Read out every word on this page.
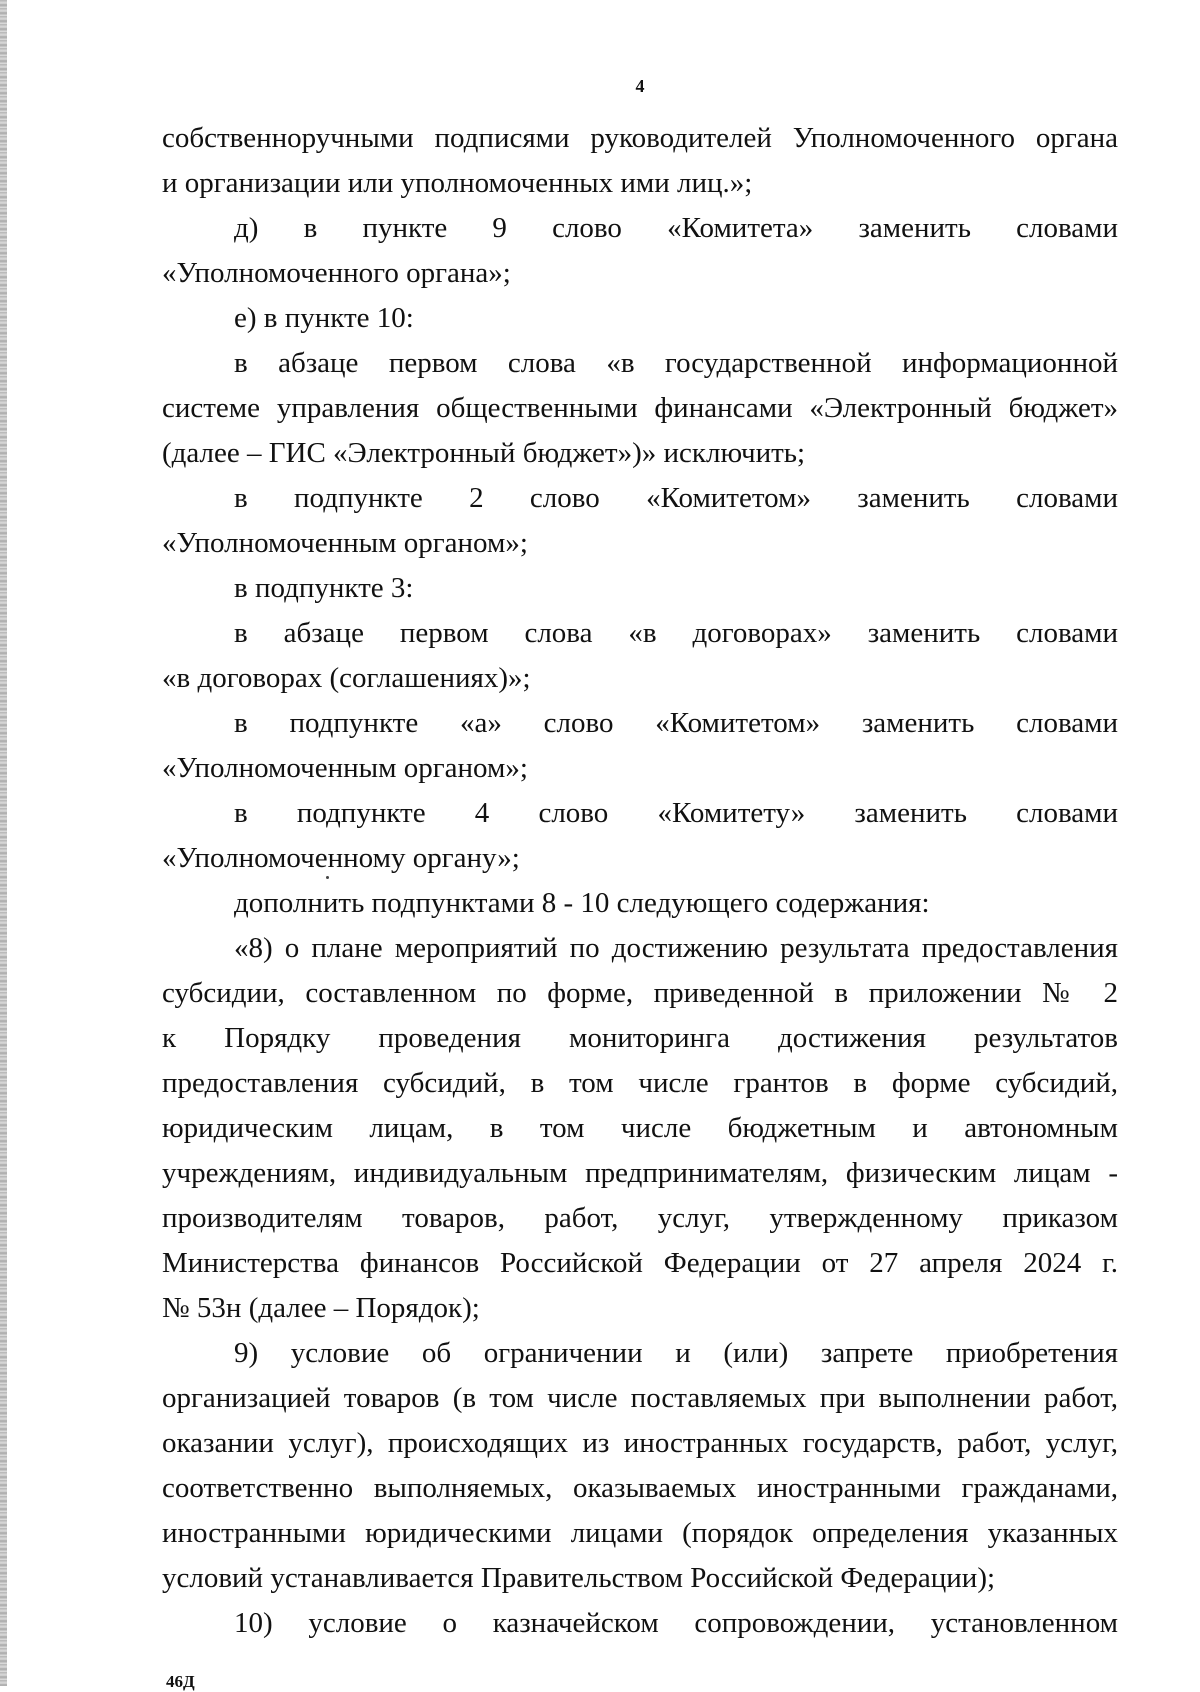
4
собственноручными подписями руководителей Уполномоченного органа
и организации или уполномоченных ими лиц.»;
д) в пункте 9 слово «Комитета» заменить словами
«Уполномоченного органа»;
е) в пункте 10:
в абзаце первом слова «в государственной информационной
системе управления общественными финансами «Электронный бюджет»
(далее – ГИС «Электронный бюджет»)» исключить;
в подпункте 2 слово «Комитетом» заменить словами
«Уполномоченным органом»;
в подпункте 3:
в абзаце первом слова «в договорах» заменить словами
«в договорах (соглашениях)»;
в подпункте «а» слово «Комитетом» заменить словами
«Уполномоченным органом»;
в подпункте 4 слово «Комитету» заменить словами
«Уполномоченному органу»;
дополнить подпунктами 8 - 10 следующего содержания:
«8) о плане мероприятий по достижению результата предоставления
субсидии, составленном по форме, приведенной в приложении № 2
к Порядку проведения мониторинга достижения результатов
предоставления субсидий, в том числе грантов в форме субсидий,
юридическим лицам, в том числе бюджетным и автономным
учреждениям, индивидуальным предпринимателям, физическим лицам -
производителям товаров, работ, услуг, утвержденному приказом
Министерства финансов Российской Федерации от 27 апреля 2024 г.
№ 53н (далее – Порядок);
9) условие об ограничении и (или) запрете приобретения
организацией товаров (в том числе поставляемых при выполнении работ,
оказании услуг), происходящих из иностранных государств, работ, услуг,
соответственно выполняемых, оказываемых иностранными гражданами,
иностранными юридическими лицами (порядок определения указанных
условий устанавливается Правительством Российской Федерации);
10) условие о казначейском сопровождении, установленном
46Д
